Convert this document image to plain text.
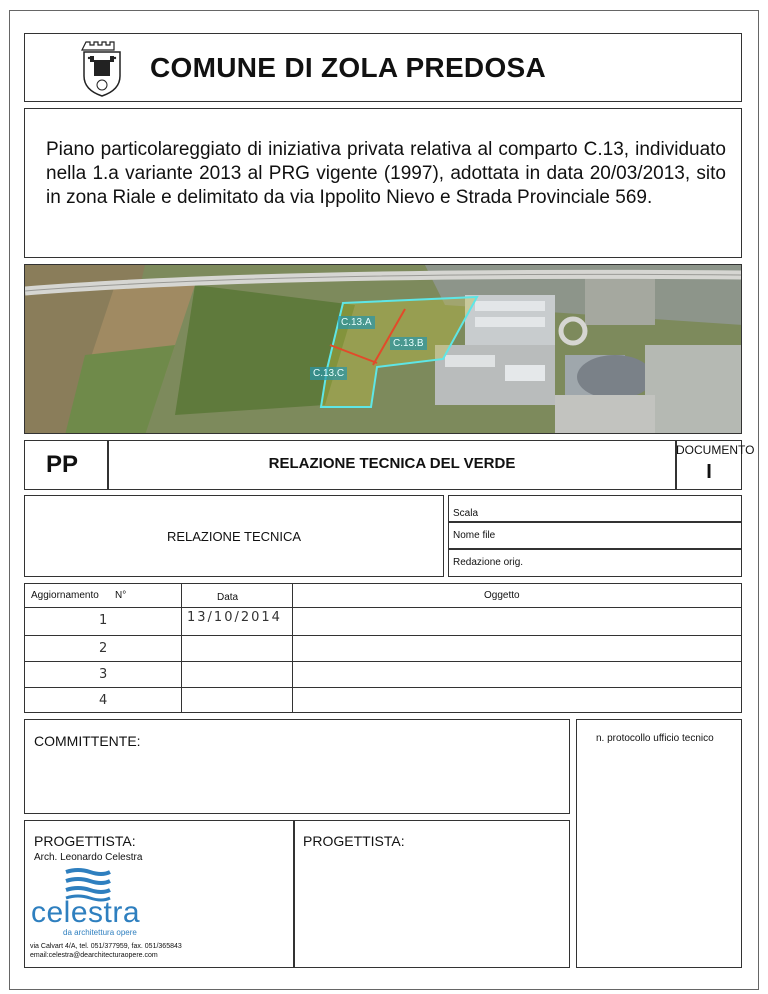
COMUNE DI ZOLA PREDOSA
Piano particolareggiato di iniziativa privata relativa al comparto C.13, individuato nella 1.a variante 2013 al PRG vigente (1997), adottata in data 20/03/2013, sito in zona Riale e delimitato da via Ippolito Nievo e Strada Provinciale 569.
C.13.A
C.13.B
C.13.C
PP	RELAZIONE TECNICA DEL VERDE
DOCUMENTO
I
RELAZIONE TECNICA
Scala
Nome file
Redazione orig.
Aggiornamento N°	Data	Oggetto
1	13/10/2014
2
3
4
COMMITTENTE:	n. protocollo ufficio tecnico
PROGETTISTA:
Arch. Leonardo Celestra
celestra
da architettura opere
via Calvart 4/A, tel. 051/377959, fax. 051/365843
email:celestra@dearchitecturaopere.com
PROGETTISTA:
